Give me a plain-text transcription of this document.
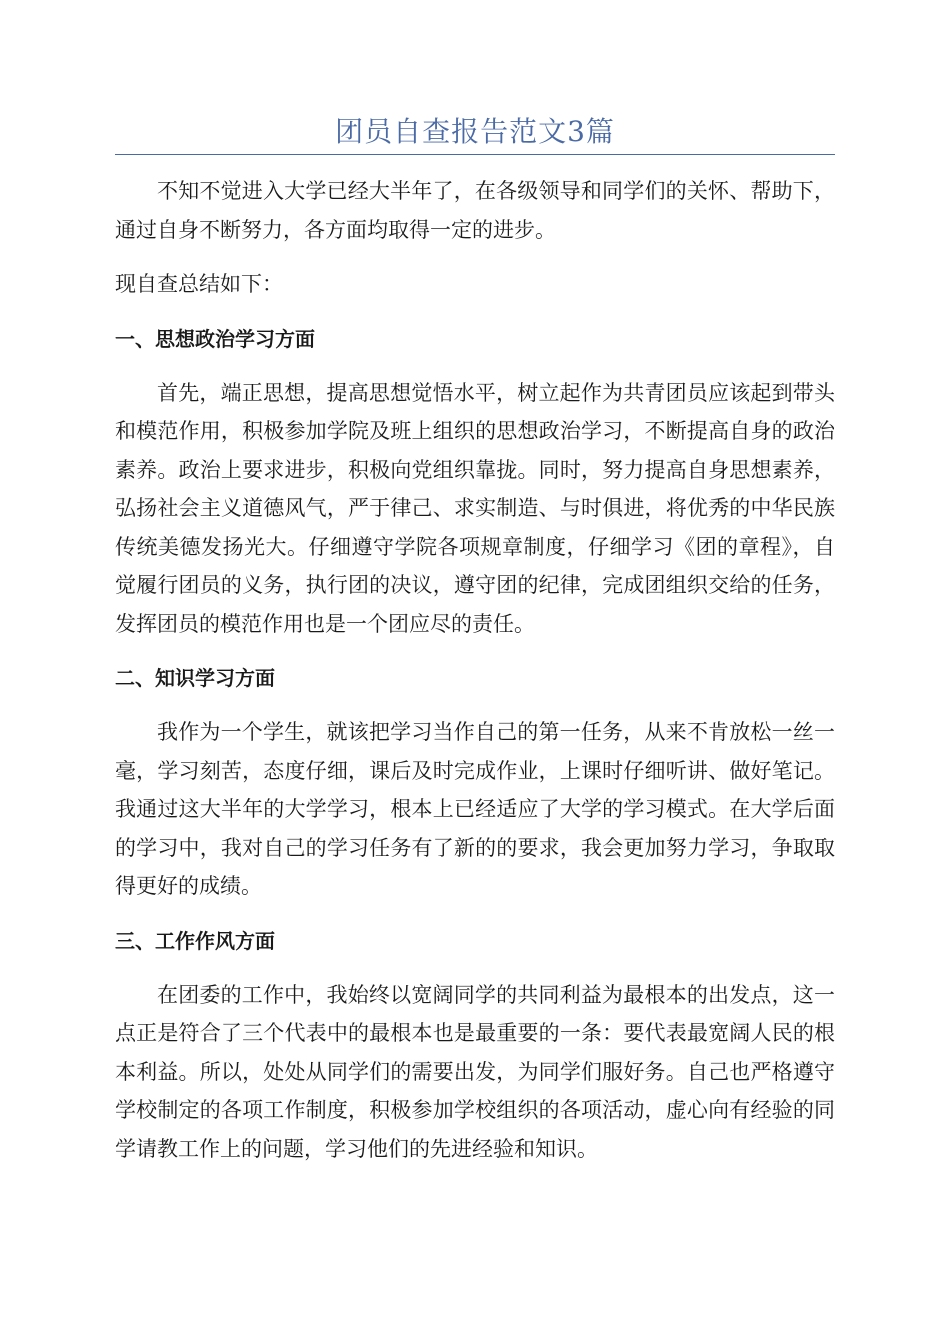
团员自查报告范文3篇

不知不觉进入大学已经大半年了，在各级领导和同学们的关怀、帮助下，通过自身不断努力，各方面均取得一定的进步。

现自查总结如下：

一、思想政治学习方面

首先，端正思想，提高思想觉悟水平，树立起作为共青团员应该起到带头和模范作用，积极参加学院及班上组织的思想政治学习，不断提高自身的政治素养。政治上要求进步，积极向党组织靠拢。同时，努力提高自身思想素养，弘扬社会主义道德风气，严于律己、求实制造、与时俱进，将优秀的中华民族传统美德发扬光大。仔细遵守学院各项规章制度，仔细学习《团的章程》，自觉履行团员的义务，执行团的决议，遵守团的纪律，完成团组织交给的任务，发挥团员的模范作用也是一个团应尽的责任。

二、知识学习方面

我作为一个学生，就该把学习当作自己的第一任务，从来不肯放松一丝一毫，学习刻苦，态度仔细，课后及时完成作业，上课时仔细听讲、做好笔记。我通过这大半年的大学学习，根本上已经适应了大学的学习模式。在大学后面的学习中，我对自己的学习任务有了新的的要求，我会更加努力学习，争取取得更好的成绩。

三、工作作风方面

在团委的工作中，我始终以宽阔同学的共同利益为最根本的出发点，这一点正是符合了三个代表中的最根本也是最重要的一条：要代表最宽阔人民的根本利益。所以，处处从同学们的需要出发，为同学们服好务。自己也严格遵守学校制定的各项工作制度，积极参加学校组织的各项活动，虚心向有经验的同学请教工作上的问题，学习他们的先进经验和知识。
